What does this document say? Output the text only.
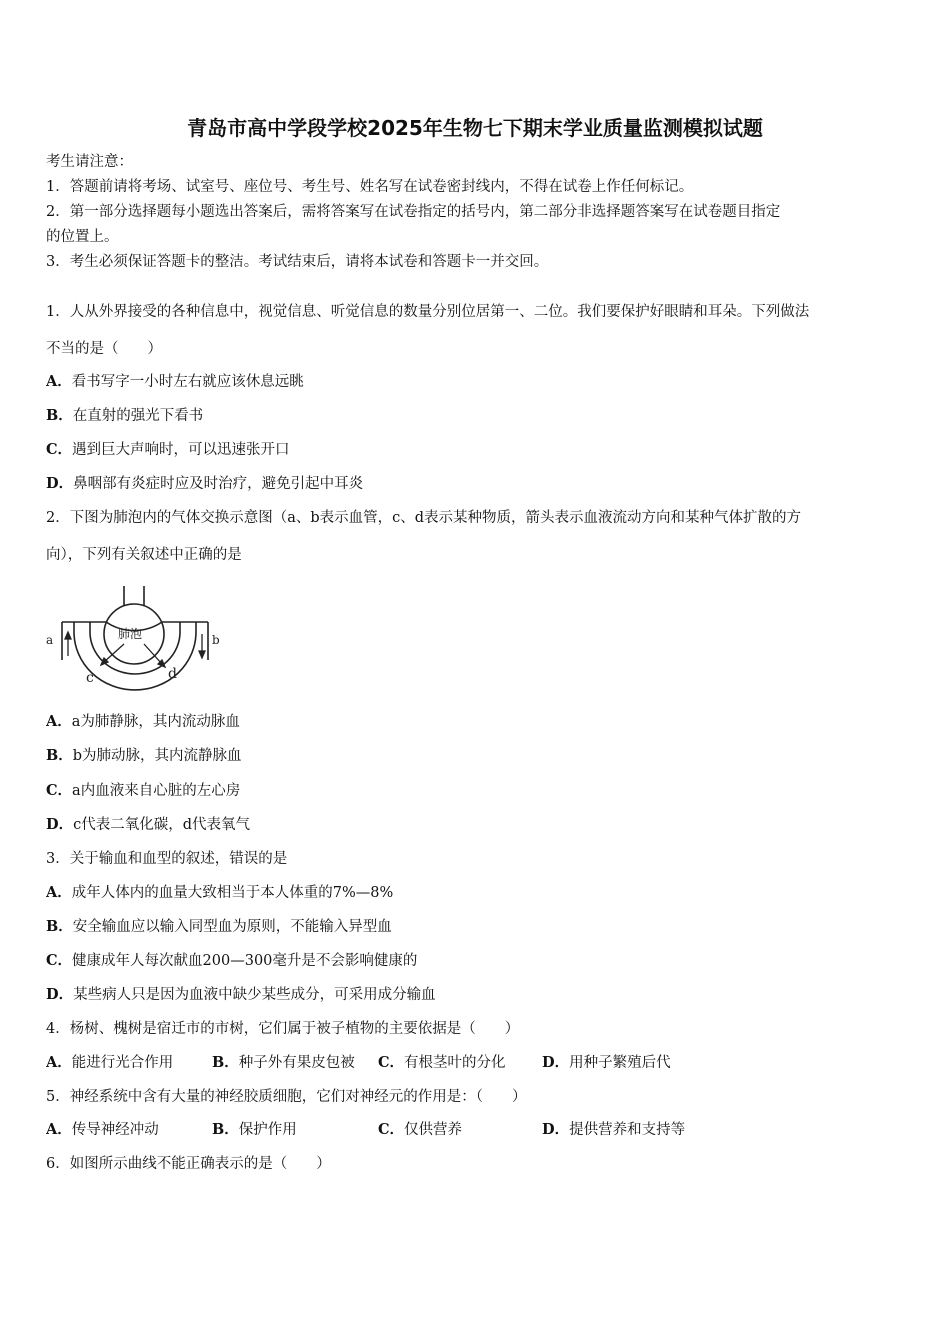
青岛市高中学段学校2025年生物七下期末学业质量监测模拟试题
考生请注意：
1．答题前请将考场、试室号、座位号、考生号、姓名写在试卷密封线内，不得在试卷上作任何标记。
2．第一部分选择题每小题选出答案后，需将答案写在试卷指定的括号内，第二部分非选择题答案写在试卷题目指定
的位置上。
3．考生必须保证答题卡的整洁。考试结束后，请将本试卷和答题卡一并交回。
1．人从外界接受的各种信息中，视觉信息、听觉信息的数量分别位居第一、二位。我们要保护好眼睛和耳朵。下列做法
不当的是（　　）
A．看书写字一小时左右就应该休息远眺
B．在直射的强光下看书
C．遇到巨大声响时，可以迅速张开口
D．鼻咽部有炎症时应及时治疗，避免引起中耳炎
2．下图为肺泡内的气体交换示意图（a、b表示血管，c、d表示某种物质，箭头表示血液流动方向和某种气体扩散的方
向），下列有关叙述中正确的是
肺泡
a	b
c	d
A．a为肺静脉，其内流动脉血
B．b为肺动脉，其内流静脉血
C．a内血液来自心脏的左心房
D．c代表二氧化碳，d代表氧气
3．关于输血和血型的叙述，错误的是
A．成年人体内的血量大致相当于本人体重的7%—8%
B．安全输血应以输入同型血为原则，不能输入异型血
C．健康成年人每次献血200—300毫升是不会影响健康的
D．某些病人只是因为血液中缺少某些成分，可采用成分输血
4．杨树、槐树是宿迁市的市树，它们属于被子植物的主要依据是（　　）
A．能进行光合作用	B．种子外有果皮包被 C．有根茎叶的分化	D．用种子繁殖后代
5．神经系统中含有大量的神经胶质细胞，它们对神经元的作用是：（　　）
A．传导神经冲动	B．保护作用	C．仅供营养	D．提供营养和支持等
6．如图所示曲线不能正确表示的是（　　）
